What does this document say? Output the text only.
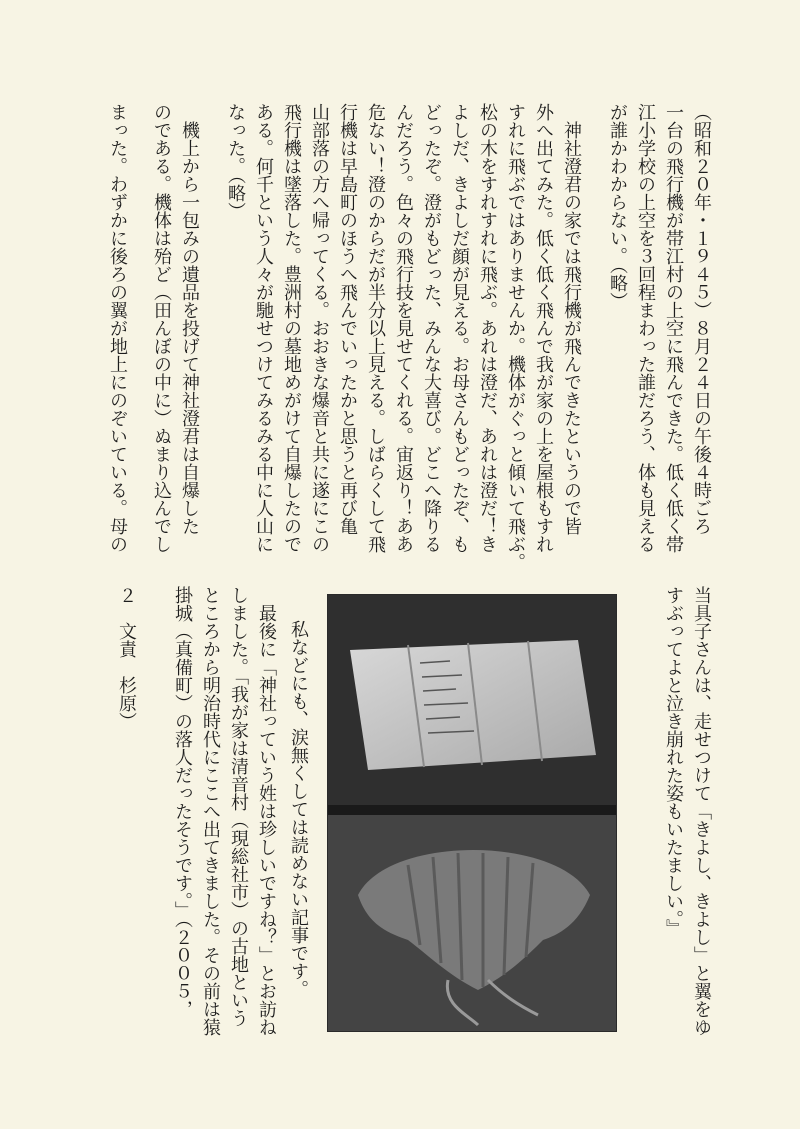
（昭和２０年・１９４５）８月２４日の午後４時ごろ
一台の飛行機が帯江村の上空に飛んできた。低く低く帯
江小学校の上空を３回程まわった誰だろう、体も見える
が誰かわからない。（略）
神社澄君の家では飛行機が飛んできたというので皆
外へ出てみた。低く低く飛んで我が家の上を屋根もすれ
すれに飛ぶではありませんか。機体がぐっと傾いて飛ぶ。
松の木をすれすれに飛ぶ。あれは澄だ、あれは澄だ！き
よしだ、きよしだ顔が見える。お母さんもどったぞ、も
どったぞ。澄がもどった、みんな大喜び。どこへ降りる
んだろう。色々の飛行技を見せてくれる。宙返り！ああ
危ない！澄のからだが半分以上見える。しばらくして飛
行機は早島町のほうへ飛んでいったかと思うと再び亀
山部落の方へ帰ってくる。おおきな爆音と共に遂にこの
飛行機は墜落した。豊洲村の墓地めがけて自爆したので
ある。何千という人々が馳せつけてみるみる中に人山に
なった。（略）
機上から一包みの遺品を投げて神社澄君は自爆した
のである。機体は殆ど（田んぼの中に）ぬまり込んでし
まった。わずかに後ろの翼が地上にのぞいている。母の
当具子さんは、走せつけて「きよし、きよし」と翼をゆ
すぶってよと泣き崩れた姿もいたましい。』
私などにも、涙無くしては読めない記事です。
最後に「神社っていう姓は珍しいですね？」とお訪ね
しました。「我が家は清音村（現総社市）の古地という
ところから明治時代にここへ出てきました。その前は猿
掛城（真備町）の落人だったそうです。」（２００５，
２　文責　杉原）
